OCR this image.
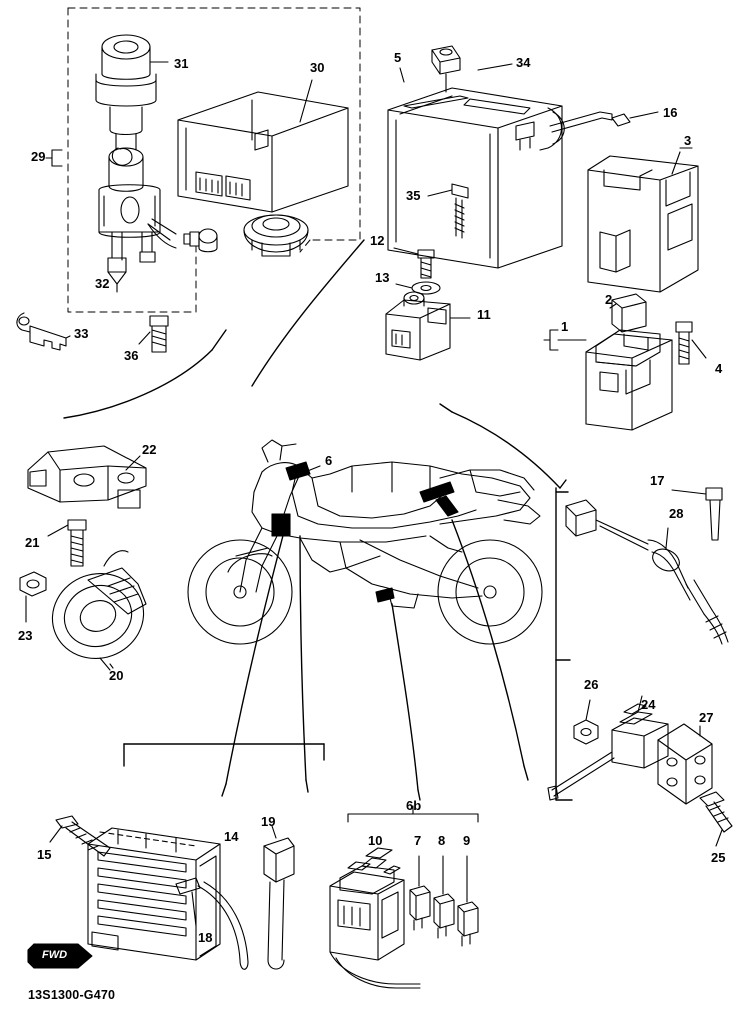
1
2
3
4
5
6
6b
7 8 9
10
11
12
13
14
15
16
17
18
19
20
21
22
23
24
25
26
27
28
29
30
31
32
33
34
35
36
FWD
13S1300-G470
